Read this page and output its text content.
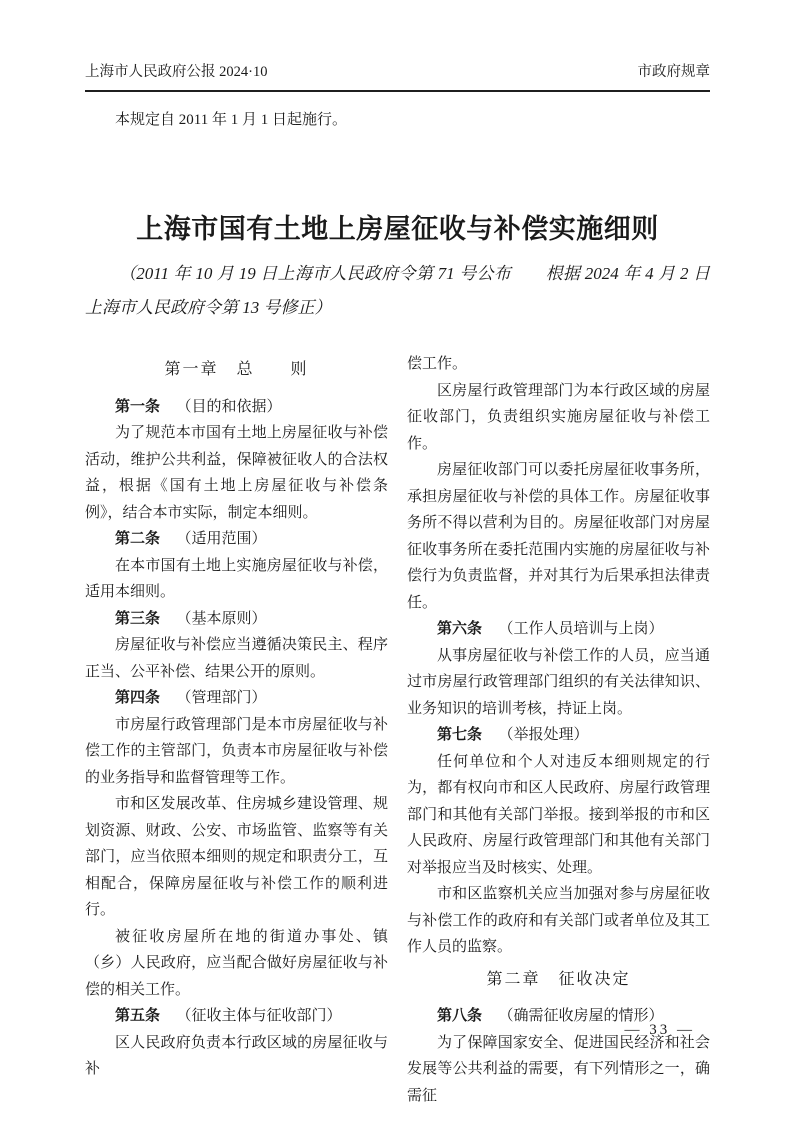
上海市人民政府公报 2024·10	市政府规章

本规定自 2011 年 1 月 1 日起施行。

上海市国有土地上房屋征收与补偿实施细则

（2011 年 10 月 19 日上海市人民政府令第 71 号公布　　根据 2024 年 4 月 2 日上海市人民政府令第 13 号修正）

第一章　总　　则

第一条 （目的和依据）

为了规范本市国有土地上房屋征收与补偿活动，维护公共利益，保障被征收人的合法权益，根据《国有土地上房屋征收与补偿条例》，结合本市实际，制定本细则。

第二条 （适用范围）

在本市国有土地上实施房屋征收与补偿，适用本细则。

第三条 （基本原则）

房屋征收与补偿应当遵循决策民主、程序正当、公平补偿、结果公开的原则。

第四条 （管理部门）

市房屋行政管理部门是本市房屋征收与补偿工作的主管部门，负责本市房屋征收与补偿的业务指导和监督管理等工作。

市和区发展改革、住房城乡建设管理、规划资源、财政、公安、市场监管、监察等有关部门，应当依照本细则的规定和职责分工，互相配合，保障房屋征收与补偿工作的顺利进行。

被征收房屋所在地的街道办事处、镇（乡）人民政府，应当配合做好房屋征收与补偿的相关工作。

第五条 （征收主体与征收部门）

区人民政府负责本行政区域的房屋征收与补

偿工作。

区房屋行政管理部门为本行政区域的房屋征收部门，负责组织实施房屋征收与补偿工作。

房屋征收部门可以委托房屋征收事务所，承担房屋征收与补偿的具体工作。房屋征收事务所不得以营利为目的。房屋征收部门对房屋征收事务所在委托范围内实施的房屋征收与补偿行为负责监督，并对其行为后果承担法律责任。

第六条 （工作人员培训与上岗）

从事房屋征收与补偿工作的人员，应当通过市房屋行政管理部门组织的有关法律知识、业务知识的培训考核，持证上岗。

第七条 （举报处理）

任何单位和个人对违反本细则规定的行为，都有权向市和区人民政府、房屋行政管理部门和其他有关部门举报。接到举报的市和区人民政府、房屋行政管理部门和其他有关部门对举报应当及时核实、处理。

市和区监察机关应当加强对参与房屋征收与补偿工作的政府和有关部门或者单位及其工作人员的监察。

第二章　征收决定

第八条 （确需征收房屋的情形）

为了保障国家安全、促进国民经济和社会发展等公共利益的需要，有下列情形之一，确需征

— 33 —
